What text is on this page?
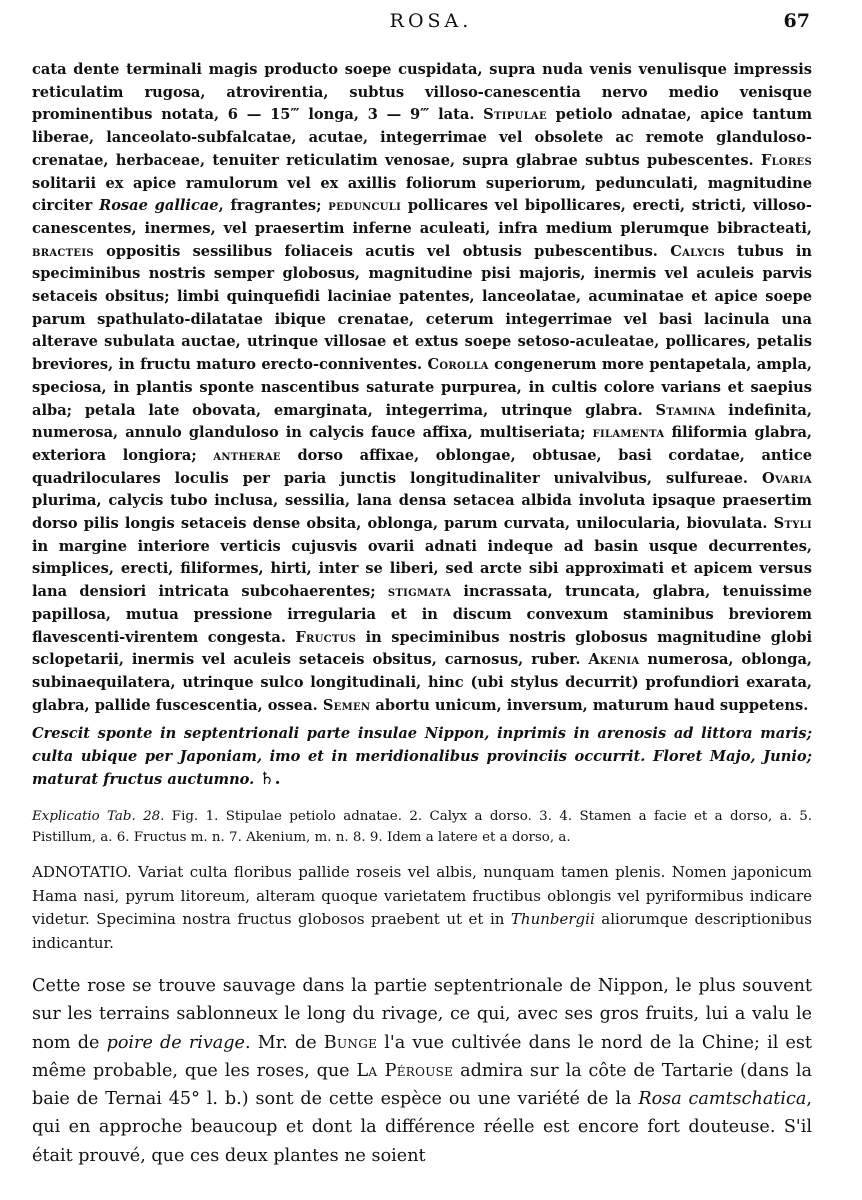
ROSA.	67
cata dente terminali magis producto soepe cuspidata, supra nuda venis venulisque impressis reticulatim rugosa, atrovirentia, subtus villoso-canescentia nervo medio venisque prominentibus notata, 6 — 15‴ longa, 3 — 9‴ lata. Stipulae petiolo adnatae, apice tantum liberae, lanceolato-subfalcatae, acutae, integerrimae vel obsolete ac remote glanduloso-crenatae, herbaceae, tenuiter reticulatim venosae, supra glabrae subtus pubescentes. Flores solitarii ex apice ramulorum vel ex axillis foliorum superiorum, pedunculati, magnitudine circiter Rosae gallicae, fragrantes; pedunculi pollicares vel bipollicares, erecti, stricti, villoso-canescentes, inermes, vel praesertim inferne aculeati, infra medium plerumque bibracteati, bracteis oppositis sessilibus foliaceis acutis vel obtusis pubescentibus. Calycis tubus in speciminibus nostris semper globosus, magnitudine pisi majoris, inermis vel aculeis parvis setaceis obsitus; limbi quinquefidi laciniae patentes, lanceolatae, acuminatae et apice soepe parum spathulato-dilatatae ibique crenatae, ceterum integerrimae vel basi lacinula una alterave subulata auctae, utrinque villosae et extus soepe setoso-aculeatae, pollicares, petalis breviores, in fructu maturo erecto-conniventes. Corolla congenerum more pentapetala, ampla, speciosa, in plantis sponte nascentibus saturate purpurea, in cultis colore varians et saepius alba; petala late obovata, emarginata, integerrima, utrinque glabra. Stamina indefinita, numerosa, annulo glanduloso in calycis fauce affixa, multiseriata; filamenta filiformia glabra, exteriora longiora; antherae dorso affixae, oblongae, obtusae, basi cordatae, antice quadriloculares loculis per paria junctis longitudinaliter univalvibus, sulfureae. Ovaria plurima, calycis tubo inclusa, sessilia, lana densa setacea albida involuta ipsaque praesertim dorso pilis longis setaceis dense obsita, oblonga, parum curvata, unilocularia, biovulata. Styli in margine interiore verticis cujusvis ovarii adnati indeque ad basin usque decurrentes, simplices, erecti, filiformes, hirti, inter se liberi, sed arcte sibi approximati et apicem versus lana densiori intricata subcohaerentes; stigmata incrassata, truncata, glabra, tenuissime papillosa, mutua pressione irregularia et in discum convexum staminibus breviorem flavescenti-virentem congesta. Fructus in speciminibus nostris globosus magnitudine globi sclopetarii, inermis vel aculeis setaceis obsitus, carnosus, ruber. Akenia numerosa, oblonga, subinaequilatera, utrinque sulco longitudinali, hinc (ubi stylus decurrit) profundiori exarata, glabra, pallide fuscescentia, ossea. Semen abortu unicum, inversum, maturum haud suppetens.
Crescit sponte in septentrionali parte insulae Nippon, inprimis in arenosis ad littora maris; culta ubique per Japoniam, imo et in meridionalibus provinciis occurrit. Floret Majo, Junio; maturat fructus auctumno. ♄.
Explicatio Tab. 28. Fig. 1. Stipulae petiolo adnatae. 2. Calyx a dorso. 3. 4. Stamen a facie et a dorso, a. 5. Pistillum, a. 6. Fructus m. n. 7. Akenium, m. n. 8. 9. Idem a latere et a dorso, a.
ADNOTATIO. Variat culta floribus pallide roseis vel albis, nunquam tamen plenis. Nomen japonicum Hama nasi, pyrum litoreum, alteram quoque varietatem fructibus oblongis vel pyriformibus indicare videtur. Specimina nostra fructus globosos praebent ut et in Thunbergii aliorumque descriptionibus indicantur.
Cette rose se trouve sauvage dans la partie septentrionale de Nippon, le plus souvent sur les terrains sablonneux le long du rivage, ce qui, avec ses gros fruits, lui a valu le nom de poire de rivage. Mr. de Bunge l'a vue cultivée dans le nord de la Chine; il est même probable, que les roses, que La Pérouse admira sur la côte de Tartarie (dans la baie de Ternai 45° l. b.) sont de cette espèce ou une variété de la Rosa camtschatica, qui en approche beaucoup et dont la différence réelle est encore fort douteuse. S'il était prouvé, que ces deux plantes ne soient
